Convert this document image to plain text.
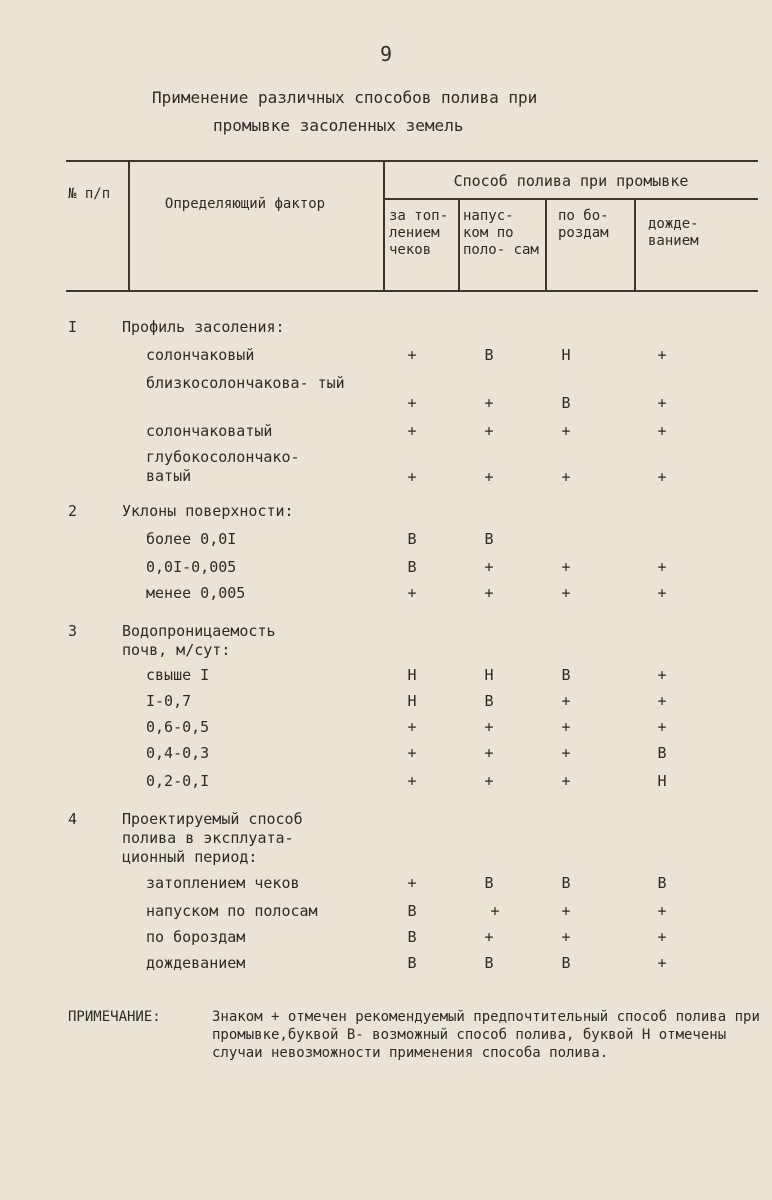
9
Применение различных способов полива при
промывке засоленных земель
№ п/п
Определяющий фактор
Способ полива при промывке
за топ- лением чеков
напус- ком по поло- сам
по бо- роздам
дожде- ванием
I	Профиль засоления:
солончаковый	+	В	Н	+
близкосолончакова- тый
+	+	В	+
солончаковатый	+	+	+	+
глубокосолончако- ватый	+	+	+	+
2	Уклоны поверхности:
более 0,0I	В	В
0,0I-0,005	В	+	+	+
менее 0,005	+	+	+	+
3	Водопроницаемость почв, м/сут:
свыше I	Н	Н	В	+
I-0,7	Н	В	+	+
0,6-0,5	+	+	+	+
0,4-0,3	+	+	+	В
0,2-0,I	+	+	+	Н
4	Проектируемый способ полива в эксплуата- ционный период:
затоплением чеков	+	В	В	В
напуском по полосам	В	+	+	+
по бороздам	В	+	+	+
дождеванием	В	В	В	+
ПРИМЕЧАНИЕ:	Знаком + отмечен рекомендуемый предпочтительный способ полива при промывке,буквой В- возможный способ полива, буквой Н отмечены случаи невозможности применения способа полива.
